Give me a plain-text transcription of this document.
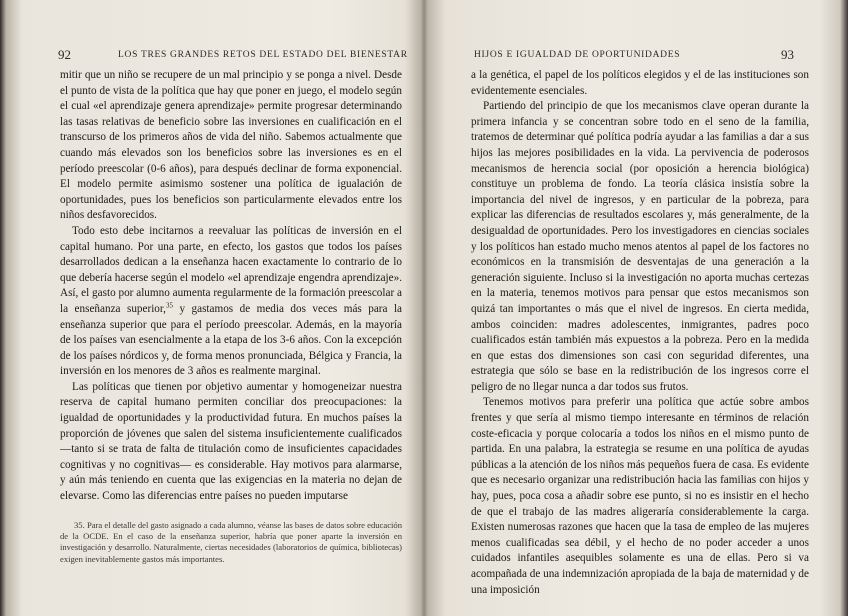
92	LOS TRES GRANDES RETOS DEL ESTADO DEL BIENESTAR

mitir que un niño se recupere de un mal principio y se ponga a nivel. Desde el punto de vista de la política que hay que poner en juego, el modelo según el cual «el aprendizaje genera aprendizaje» permite progresar determinando las tasas relativas de beneficio sobre las inversiones en cualificación en el transcurso de los primeros años de vida del niño. Sabemos actualmente que cuando más elevados son los beneficios sobre las inversiones es en el período preescolar (0-6 años), para después declinar de forma exponencial. El modelo permite asimismo sostener una política de igualación de oportunidades, pues los beneficios son particularmente elevados entre los niños desfavorecidos.

Todo esto debe incitarnos a reevaluar las políticas de inversión en el capital humano. Por una parte, en efecto, los gastos que todos los países desarrollados dedican a la enseñanza hacen exactamente lo contrario de lo que debería hacerse según el modelo «el aprendizaje engendra aprendizaje». Así, el gasto por alumno aumenta regularmente de la formación preescolar a la enseñanza superior,$^{35}$ y gastamos de media dos veces más para la enseñanza superior que para el período preescolar. Además, en la mayoría de los países van esencialmente a la etapa de los 3-6 años. Con la excepción de los países nórdicos y, de forma menos pronunciada, Bélgica y Francia, la inversión en los menores de 3 años es realmente marginal.

Las políticas que tienen por objetivo aumentar y homogeneizar nuestra reserva de capital humano permiten conciliar dos preocupaciones: la igualdad de oportunidades y la productividad futura. En muchos países la proporción de jóvenes que salen del sistema insuficientemente cualificados —tanto si se trata de falta de titulación como de insuficientes capacidades cognitivas y no cognitivas— es considerable. Hay motivos para alarmarse, y aún más teniendo en cuenta que las exigencias en la materia no dejan de elevarse. Como las diferencias entre países no pueden imputarse

35. Para el detalle del gasto asignado a cada alumno, véanse las bases de datos sobre educación de la OCDE. En el caso de la enseñanza superior, habría que poner aparte la inversión en investigación y desarrollo. Naturalmente, ciertas necesidades (laboratorios de química, bibliotecas) exigen inevitablemente gastos más importantes.

HIJOS E IGUALDAD DE OPORTUNIDADES	93

a la genética, el papel de los políticos elegidos y el de las instituciones son evidentemente esenciales.

Partiendo del principio de que los mecanismos clave operan durante la primera infancia y se concentran sobre todo en el seno de la familia, tratemos de determinar qué política podría ayudar a las familias a dar a sus hijos las mejores posibilidades en la vida. La pervivencia de poderosos mecanismos de herencia social (por oposición a herencia biológica) constituye un problema de fondo. La teoría clásica insistía sobre la importancia del nivel de ingresos, y en particular de la pobreza, para explicar las diferencias de resultados escolares y, más generalmente, de la desigualdad de oportunidades. Pero los investigadores en ciencias sociales y los políticos han estado mucho menos atentos al papel de los factores no económicos en la transmisión de desventajas de una generación a la generación siguiente. Incluso si la investigación no aporta muchas certezas en la materia, tenemos motivos para pensar que estos mecanismos son quizá tan importantes o más que el nivel de ingresos. En cierta medida, ambos coinciden: madres adolescentes, inmigrantes, padres poco cualificados están también más expuestos a la pobreza. Pero en la medida en que estas dos dimensiones son casi con seguridad diferentes, una estrategia que sólo se base en la redistribución de los ingresos corre el peligro de no llegar nunca a dar todos sus frutos.

Tenemos motivos para preferir una política que actúe sobre ambos frentes y que sería al mismo tiempo interesante en términos de relación coste-eficacia y porque colocaría a todos los niños en el mismo punto de partida. En una palabra, la estrategia se resume en una política de ayudas públicas a la atención de los niños más pequeños fuera de casa. Es evidente que es necesario organizar una redistribución hacia las familias con hijos y hay, pues, poca cosa a añadir sobre ese punto, si no es insistir en el hecho de que el trabajo de las madres aligeraría considerablemente la carga. Existen numerosas razones que hacen que la tasa de empleo de las mujeres menos cualificadas sea débil, y el hecho de no poder acceder a unos cuidados infantiles asequibles solamente es una de ellas. Pero si va acompañada de una indemnización apropiada de la baja de maternidad y de una imposición
